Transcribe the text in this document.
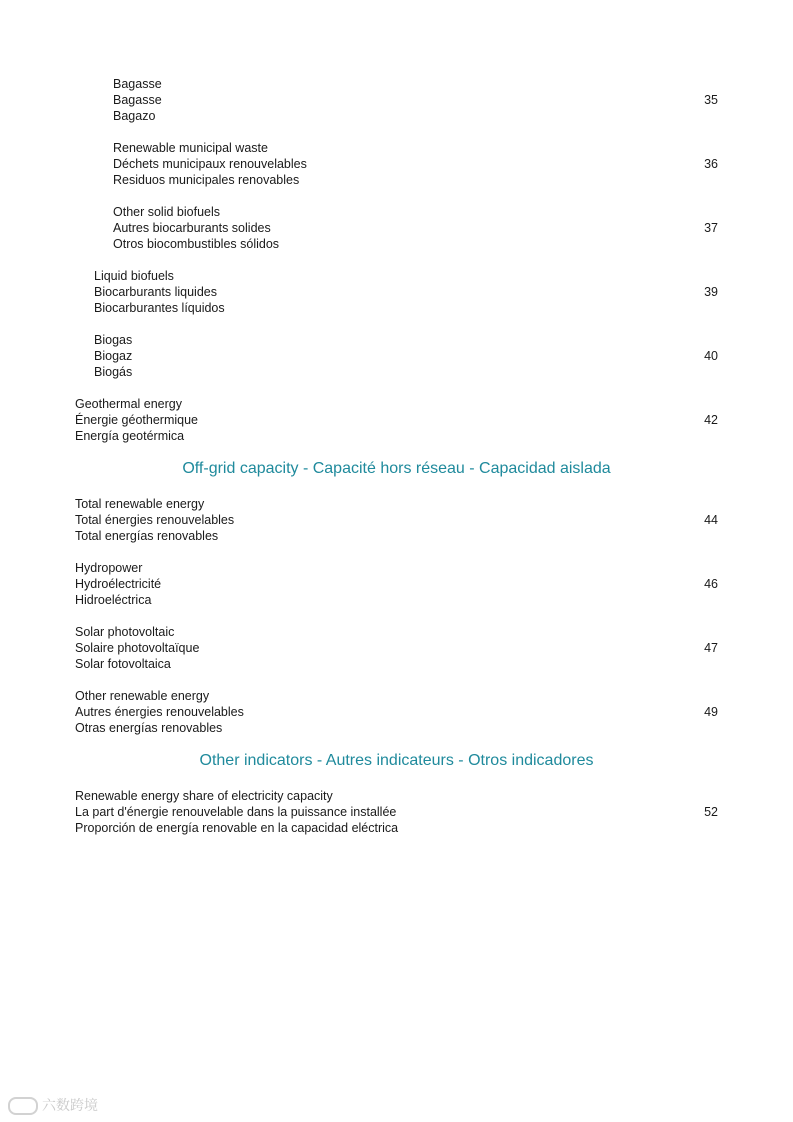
Bagasse
Bagasse
Bagazo
35
Renewable municipal waste
Déchets municipaux renouvelables
Residuos municipales renovables
36
Other solid biofuels
Autres biocarburants solides
Otros biocombustibles sólidos
37
Liquid biofuels
Biocarburants liquides
Biocarburantes líquidos
39
Biogas
Biogaz
Biogás
40
Geothermal energy
Énergie géothermique
Energía geotérmica
42
Off-grid capacity - Capacité hors réseau - Capacidad aislada
Total renewable energy
Total énergies renouvelables
Total energías renovables
44
Hydropower
Hydroélectricité
Hidroeléctrica
46
Solar photovoltaic
Solaire photovoltaïque
Solar fotovoltaica
47
Other renewable energy
Autres énergies renouvelables
Otras energías renovables
49
Other indicators - Autres indicateurs - Otros indicadores
Renewable energy share of electricity capacity
La part d'énergie renouvelable dans la puissance installée
Proporción de energía renovable en la capacidad eléctrica
52
六数跨境
